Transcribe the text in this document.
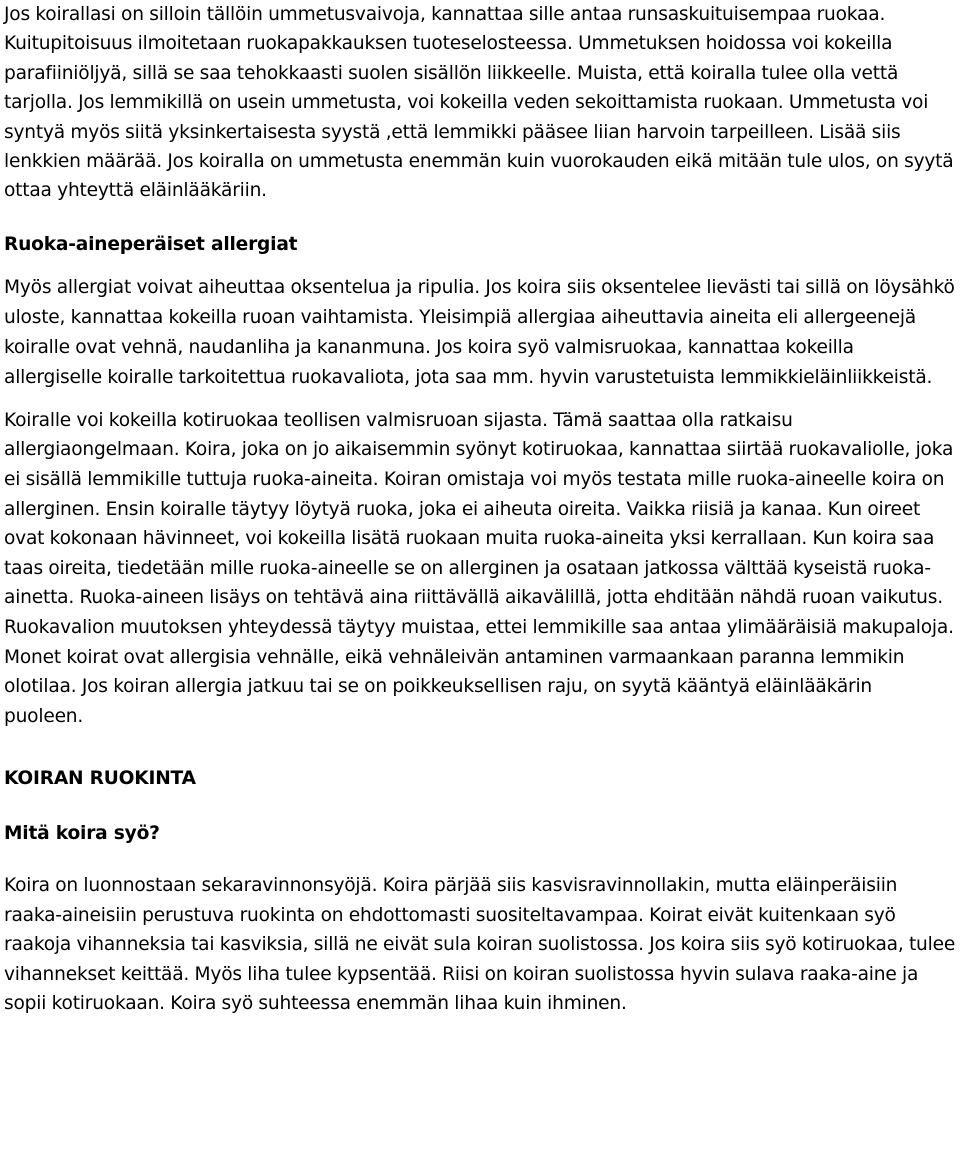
Jos koirallasi on silloin tällöin ummetusvaivoja, kannattaa sille antaa runsaskuituisempaa ruokaa. Kuitupitoisuus ilmoitetaan ruokapakkauksen tuoteselosteessa. Ummetuksen hoidossa voi kokeilla parafiiniöljyä, sillä se saa tehokkaasti suolen sisällön liikkeelle. Muista, että koiralla tulee olla vettä tarjolla. Jos lemmikillä on usein ummetusta, voi kokeilla veden sekoittamista ruokaan. Ummetusta voi syntyä myös siitä yksinkertaisesta syystä ,että lemmikki pääsee liian harvoin tarpeilleen. Lisää siis lenkkien määrää. Jos koiralla on ummetusta enemmän kuin vuorokauden eikä mitään tule ulos, on syytä ottaa yhteyttä eläinlääkäriin.

Ruoka-aineperäiset allergiat

Myös allergiat voivat aiheuttaa oksentelua ja ripulia. Jos koira siis oksentelee lievästi tai sillä on löysähkö uloste, kannattaa kokeilla ruoan vaihtamista. Yleisimpiä allergiaa aiheuttavia aineita eli allergeenejä koiralle ovat vehnä, naudanliha ja kananmuna. Jos koira syö valmisruokaa, kannattaa kokeilla allergiselle koiralle tarkoitettua ruokavaliota, jota saa mm. hyvin varustetuista lemmikkieläinliikkeistä.

Koiralle voi kokeilla kotiruokaa teollisen valmisruoan sijasta. Tämä saattaa olla ratkaisu allergiaongelmaan. Koira, joka on jo aikaisemmin syönyt kotiruokaa, kannattaa siirtää ruokavaliolle, joka ei sisällä lemmikille tuttuja ruoka-aineita. Koiran omistaja voi myös testata mille ruoka-aineelle koira on allerginen. Ensin koiralle täytyy löytyä ruoka, joka ei aiheuta oireita. Vaikka riisiä ja kanaa. Kun oireet ovat kokonaan hävinneet, voi kokeilla lisätä ruokaan muita ruoka-aineita yksi kerrallaan. Kun koira saa taas oireita, tiedetään mille ruoka-aineelle se on allerginen ja osataan jatkossa välttää kyseistä ruoka-ainetta. Ruoka-aineen lisäys on tehtävä aina riittävällä aikavälillä, jotta ehditään nähdä ruoan vaikutus. Ruokavalion muutoksen yhteydessä täytyy muistaa, ettei lemmikille saa antaa ylimääräisiä makupaloja. Monet koirat ovat allergisia vehnälle, eikä vehnäleivän antaminen varmaankaan paranna lemmikin olotilaa. Jos koiran allergia jatkuu tai se on poikkeuksellisen raju, on syytä kääntyä eläinlääkärin puoleen.

KOIRAN RUOKINTA
Mitä koira syö?

Koira on luonnostaan sekaravinnonsyöjä. Koira pärjää siis kasvisravinnollakin, mutta eläinperäisiin raaka-aineisiin perustuva ruokinta on ehdottomasti suositeltavampaa. Koirat eivät kuitenkaan syö raakoja vihanneksia tai kasviksia, sillä ne eivät sula koiran suolistossa. Jos koira siis syö kotiruokaa, tulee vihannekset keittää. Myös liha tulee kypsentää. Riisi on koiran suolistossa hyvin sulava raaka-aine ja sopii kotiruokaan. Koira syö suhteessa enemmän lihaa kuin ihminen.
